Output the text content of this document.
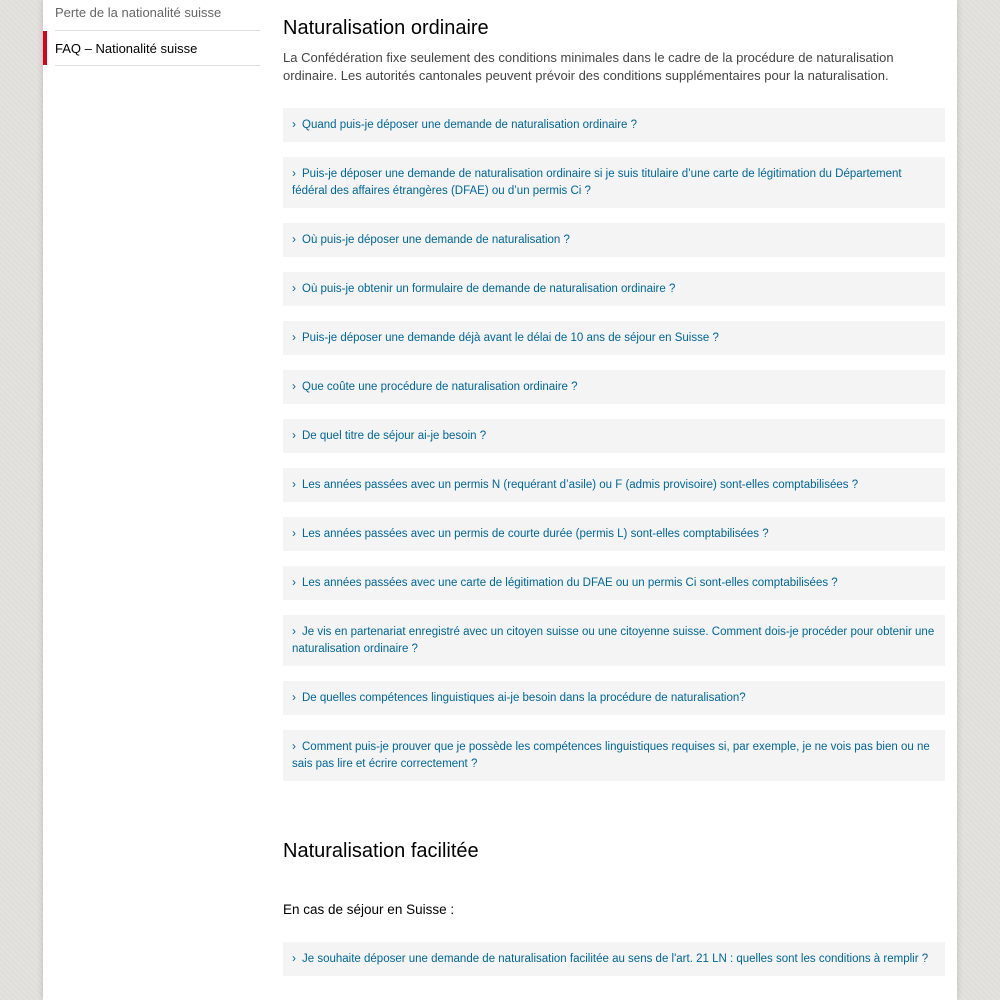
Perte de la nationalité suisse
FAQ – Nationalité suisse
Naturalisation ordinaire

La Confédération fixe seulement des conditions minimales dans le cadre de la procédure de naturalisation ordinaire. Les autorités cantonales peuvent prévoir des conditions supplémentaires pour la naturalisation.

› Quand puis-je déposer une demande de naturalisation ordinaire ?
› Puis-je déposer une demande de naturalisation ordinaire si je suis titulaire d’une carte de légitimation du Département fédéral des affaires étrangères (DFAE) ou d’un permis Ci ?
› Où puis-je déposer une demande de naturalisation ?
› Où puis-je obtenir un formulaire de demande de naturalisation ordinaire ?
› Puis-je déposer une demande déjà avant le délai de 10 ans de séjour en Suisse ?
› Que coûte une procédure de naturalisation ordinaire ?
› De quel titre de séjour ai-je besoin ?
› Les années passées avec un permis N (requérant d’asile) ou F (admis provisoire) sont-elles comptabilisées ?
› Les années passées avec un permis de courte durée (permis L) sont-elles comptabilisées ?
› Les années passées avec une carte de légitimation du DFAE ou un permis Ci sont-elles comptabilisées ?
› Je vis en partenariat enregistré avec un citoyen suisse ou une citoyenne suisse. Comment dois-je procéder pour obtenir une naturalisation ordinaire ?
› De quelles compétences linguistiques ai-je besoin dans la procédure de naturalisation?
› Comment puis-je prouver que je possède les compétences linguistiques requises si, par exemple, je ne vois pas bien ou ne sais pas lire et écrire correctement ?
Naturalisation facilitée

En cas de séjour en Suisse :

› Je souhaite déposer une demande de naturalisation facilitée au sens de l'art. 21 LN : quelles sont les conditions à remplir ?
